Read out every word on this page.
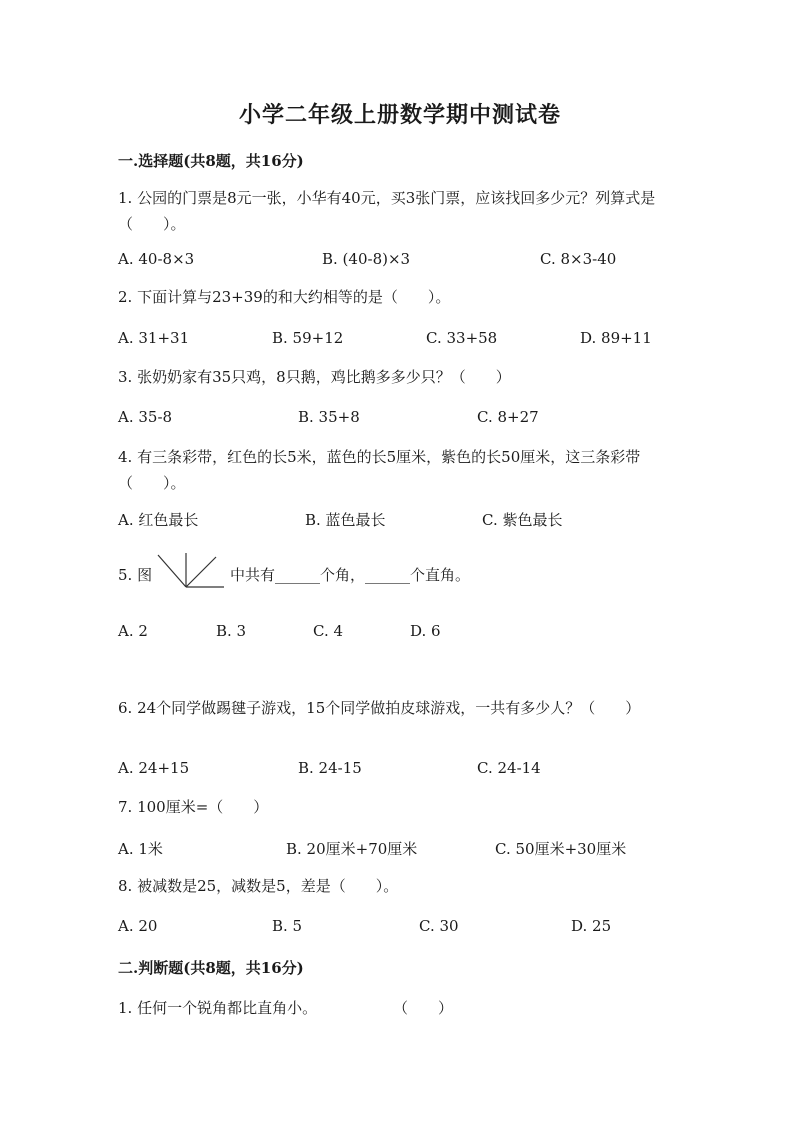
小学二年级上册数学期中测试卷
一.选择题(共8题，共16分)
1. 公园的门票是8元一张，小华有40元，买3张门票，应该找回多少元？列算式是（　　）。
A. 40-8×3	B. (40-8)×3	C. 8×3-40
2. 下面计算与23+39的和大约相等的是（　　）。
A. 31+31	B. 59+12	C. 33+58	D. 89+11
3. 张奶奶家有35只鸡，8只鹅，鸡比鹅多多少只？（　　）
A. 35-8	B. 35+8	C. 8+27
4. 有三条彩带，红色的长5米，蓝色的长5厘米，紫色的长50厘米，这三条彩带（　　）。
A. 红色最长	B. 蓝色最长	C. 紫色最长
5. 图	中共有______个角，______个直角。
A. 2	B. 3	C. 4	D. 6
6. 24个同学做踢毽子游戏，15个同学做拍皮球游戏，一共有多少人？（　　）
A. 24+15	B. 24-15	C. 24-14
7. 100厘米=（　　）
A. 1米	B. 20厘米+70厘米	C. 50厘米+30厘米
8. 被减数是25，减数是5，差是（　　）。
A. 20	B. 5	C. 30	D. 25
二.判断题(共8题，共16分)
1. 任何一个锐角都比直角小。	（　　）
